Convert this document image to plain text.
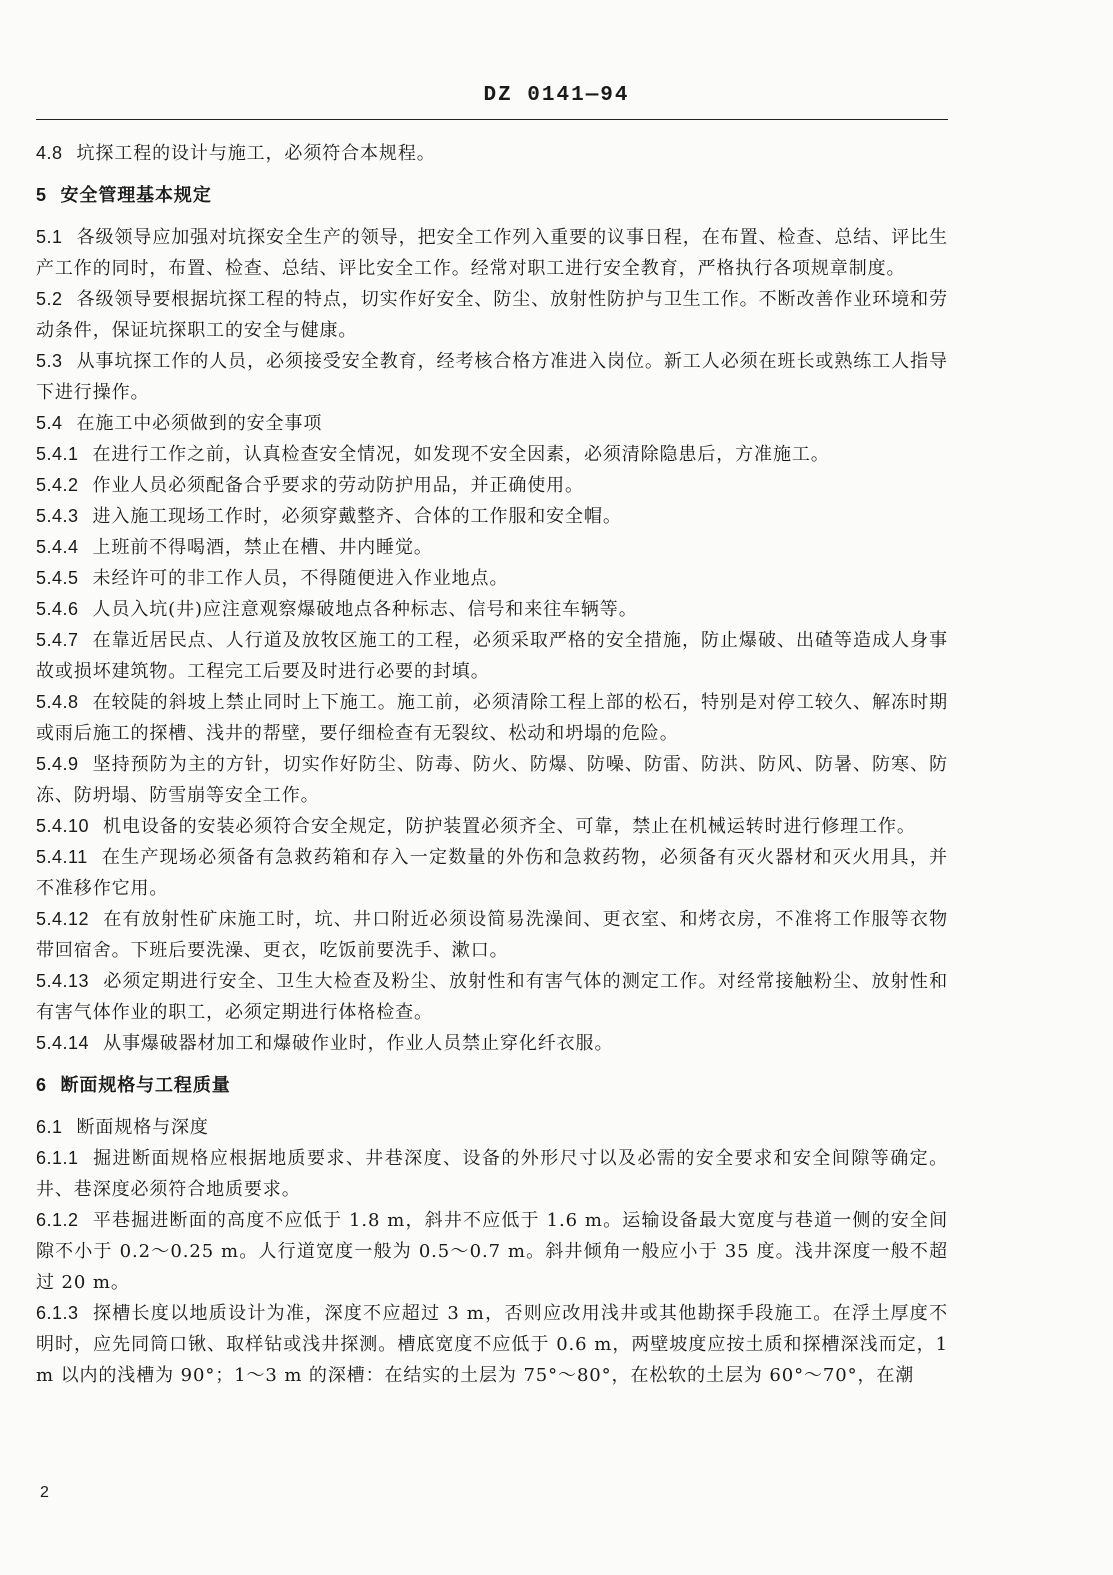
DZ 0141—94

4.8 坑探工程的设计与施工，必须符合本规程。

5 安全管理基本规定

5.1 各级领导应加强对坑探安全生产的领导，把安全工作列入重要的议事日程，在布置、检查、总结、评比生产工作的同时，布置、检查、总结、评比安全工作。经常对职工进行安全教育，严格执行各项规章制度。

5.2 各级领导要根据坑探工程的特点，切实作好安全、防尘、放射性防护与卫生工作。不断改善作业环境和劳动条件，保证坑探职工的安全与健康。

5.3 从事坑探工作的人员，必须接受安全教育，经考核合格方准进入岗位。新工人必须在班长或熟练工人指导下进行操作。

5.4 在施工中必须做到的安全事项

5.4.1 在进行工作之前，认真检查安全情况，如发现不安全因素，必须清除隐患后，方准施工。

5.4.2 作业人员必须配备合乎要求的劳动防护用品，并正确使用。

5.4.3 进入施工现场工作时，必须穿戴整齐、合体的工作服和安全帽。

5.4.4 上班前不得喝酒，禁止在槽、井内睡觉。

5.4.5 未经许可的非工作人员，不得随便进入作业地点。

5.4.6 人员入坑(井)应注意观察爆破地点各种标志、信号和来往车辆等。

5.4.7 在靠近居民点、人行道及放牧区施工的工程，必须采取严格的安全措施，防止爆破、出碴等造成人身事故或损坏建筑物。工程完工后要及时进行必要的封填。

5.4.8 在较陡的斜坡上禁止同时上下施工。施工前，必须清除工程上部的松石，特别是对停工较久、解冻时期或雨后施工的探槽、浅井的帮壁，要仔细检查有无裂纹、松动和坍塌的危险。

5.4.9 坚持预防为主的方针，切实作好防尘、防毒、防火、防爆、防噪、防雷、防洪、防风、防暑、防寒、防冻、防坍塌、防雪崩等安全工作。

5.4.10 机电设备的安装必须符合安全规定，防护装置必须齐全、可靠，禁止在机械运转时进行修理工作。

5.4.11 在生产现场必须备有急救药箱和存入一定数量的外伤和急救药物，必须备有灭火器材和灭火用具，并不准移作它用。

5.4.12 在有放射性矿床施工时，坑、井口附近必须设简易洗澡间、更衣室、和烤衣房，不准将工作服等衣物带回宿舍。下班后要洗澡、更衣，吃饭前要洗手、漱口。

5.4.13 必须定期进行安全、卫生大检查及粉尘、放射性和有害气体的测定工作。对经常接触粉尘、放射性和有害气体作业的职工，必须定期进行体格检查。

5.4.14 从事爆破器材加工和爆破作业时，作业人员禁止穿化纤衣服。

6 断面规格与工程质量

6.1 断面规格与深度

6.1.1 掘进断面规格应根据地质要求、井巷深度、设备的外形尺寸以及必需的安全要求和安全间隙等确定。井、巷深度必须符合地质要求。

6.1.2 平巷掘进断面的高度不应低于 1.8 m，斜井不应低于 1.6 m。运输设备最大宽度与巷道一侧的安全间隙不小于 0.2～0.25 m。人行道宽度一般为 0.5～0.7 m。斜井倾角一般应小于 35 度。浅井深度一般不超过 20 m。

6.1.3 探槽长度以地质设计为准，深度不应超过 3 m，否则应改用浅井或其他勘探手段施工。在浮土厚度不明时，应先同筒口锹、取样钻或浅井探测。槽底宽度不应低于 0.6 m，两壁坡度应按土质和探槽深浅而定，1 m 以内的浅槽为 90°；1～3 m 的深槽：在结实的土层为 75°～80°，在松软的土层为 60°～70°，在潮

2
